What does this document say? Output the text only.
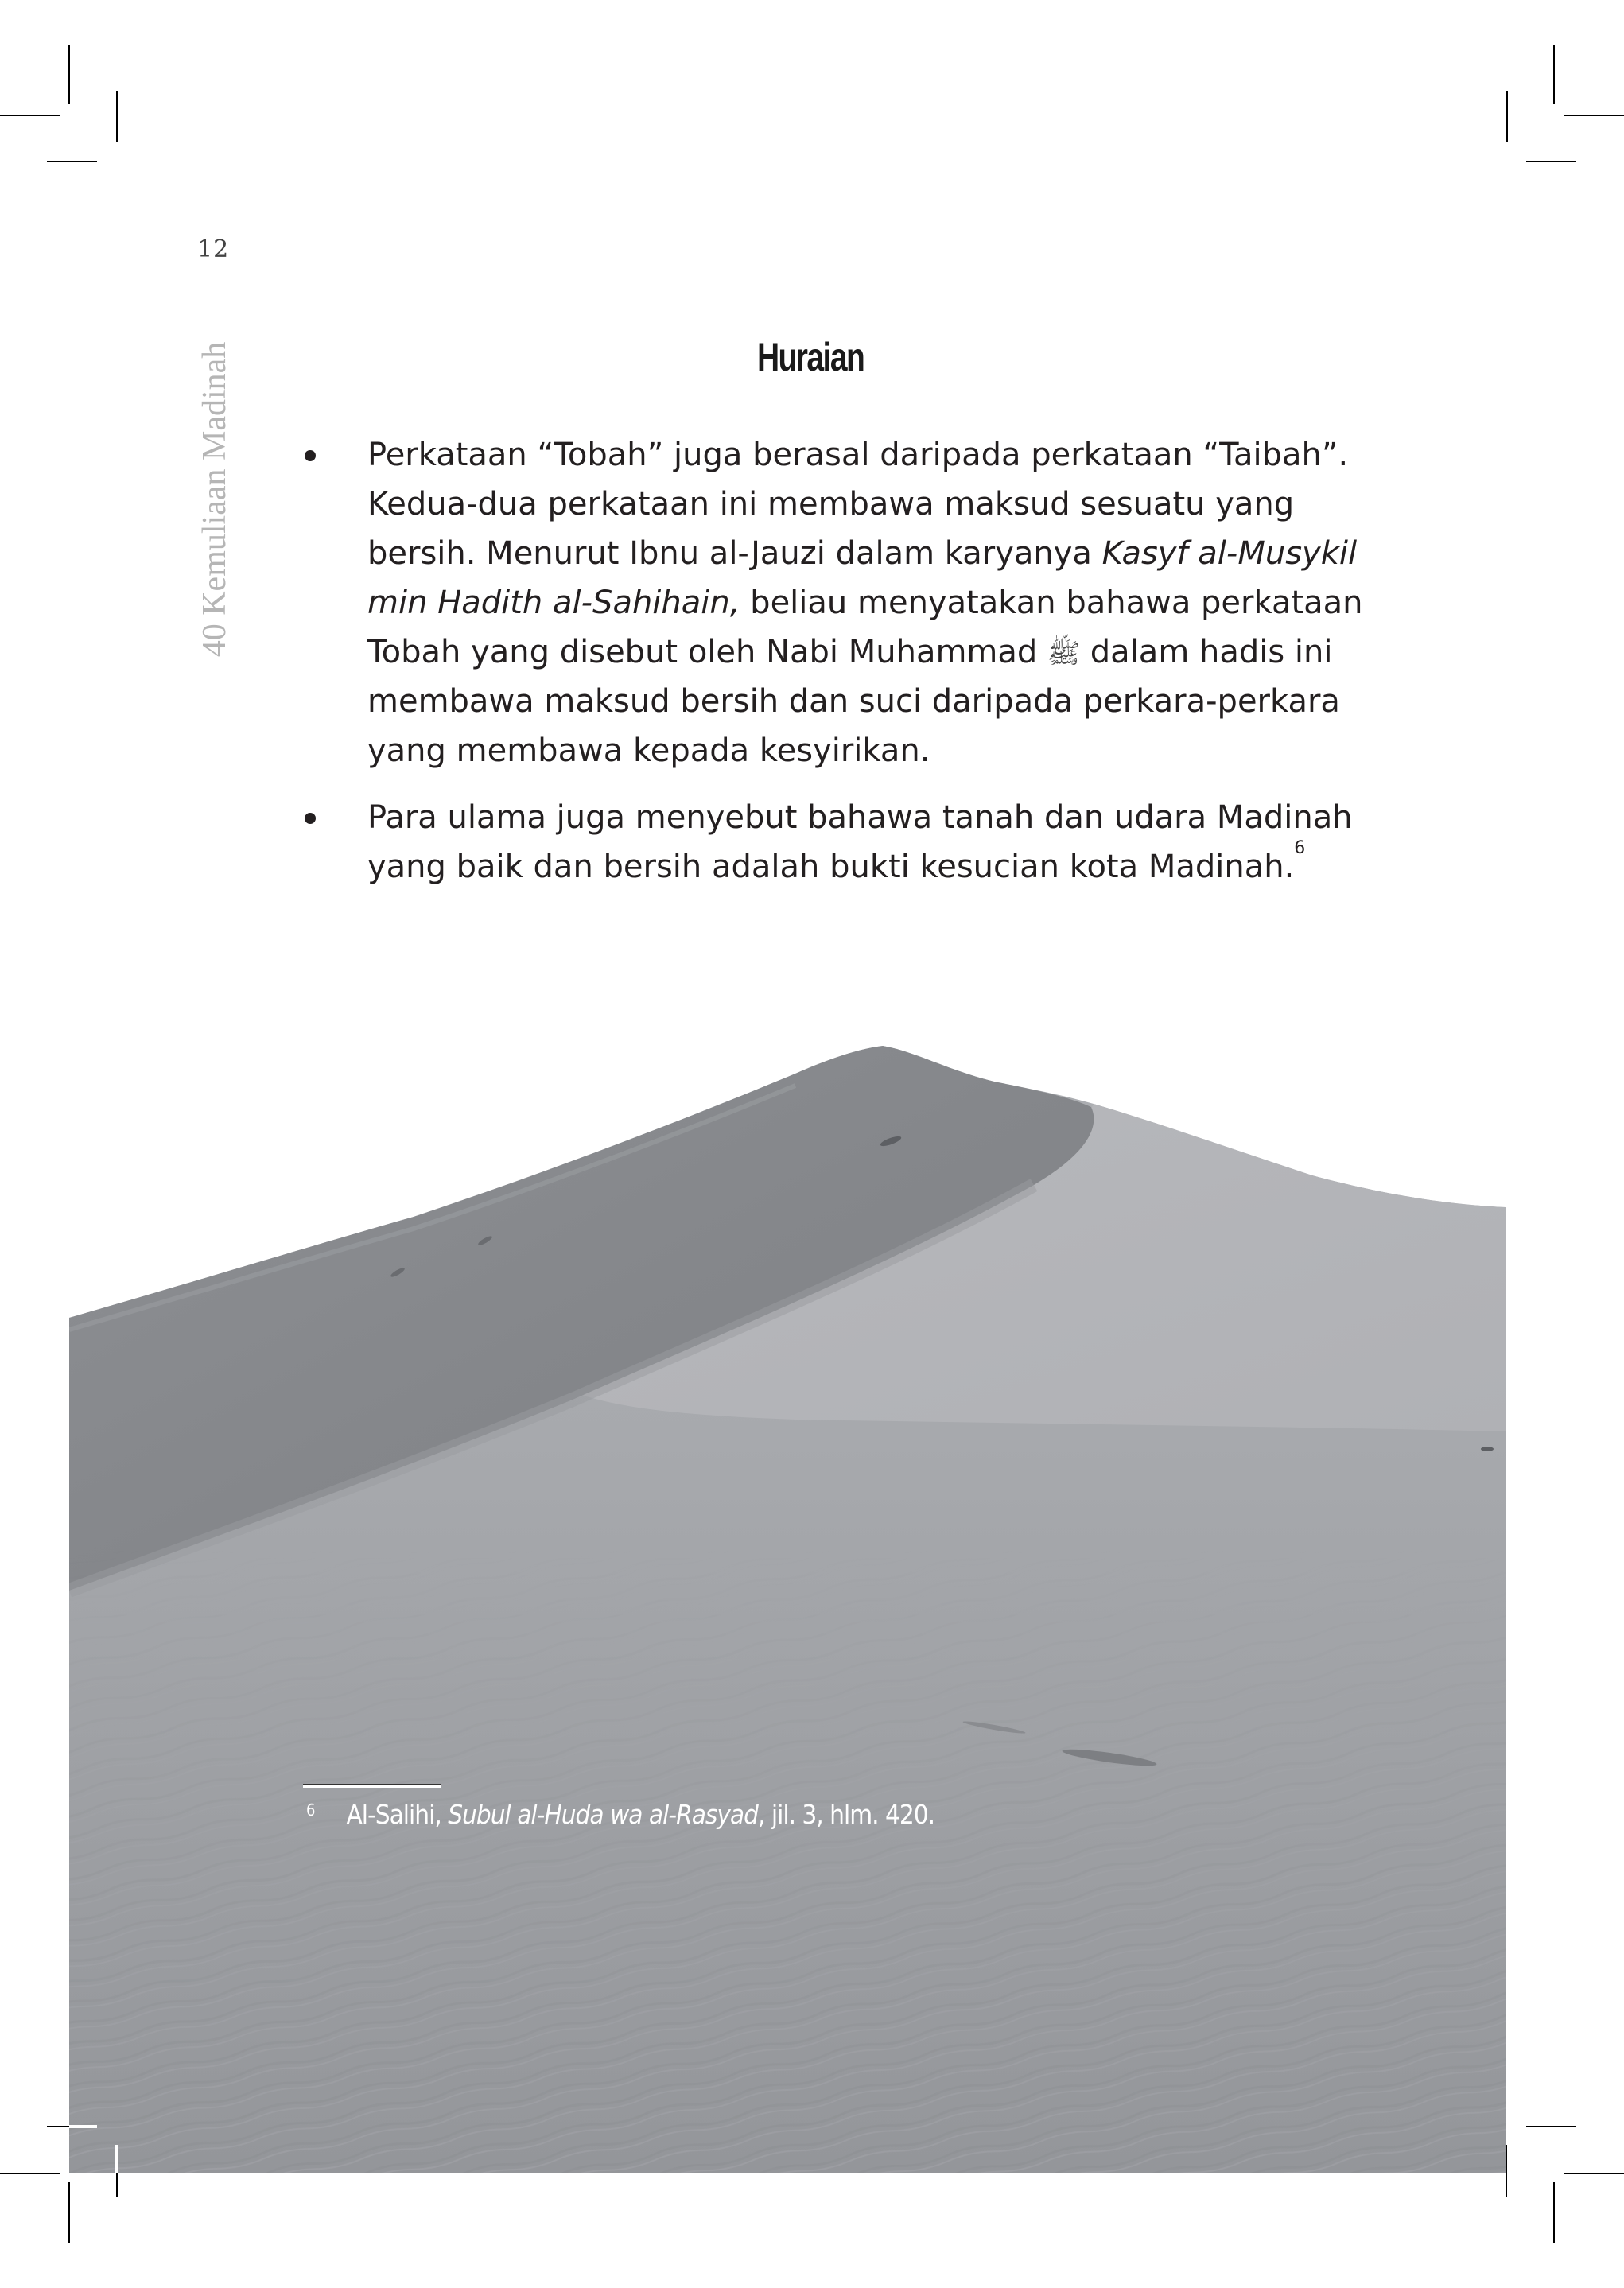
12
40 Kemuliaan Madinah	Huraian
Perkataan “Tobah” juga berasal daripada perkataan “Taibah”.
Kedua-dua perkataan ini membawa maksud sesuatu yang
bersih. Menurut Ibnu al-Jauzi dalam karyanya Kasyf al-Musykil
min Hadith al-Sahihain, beliau menyatakan bahawa perkataan
Tobah yang disebut oleh Nabi Muhammad ﷺ dalam hadis ini
membawa maksud bersih dan suci daripada perkara-perkara
yang membawa kepada kesyirikan.
Para ulama juga menyebut bahawa tanah dan udara Madinah
yang baik dan bersih adalah bukti kesucian kota Madinah.$^6$
$^6$ Al-Salihi, Subul al-Huda wa al-Rasyad, jil. 3, hlm. 420.
